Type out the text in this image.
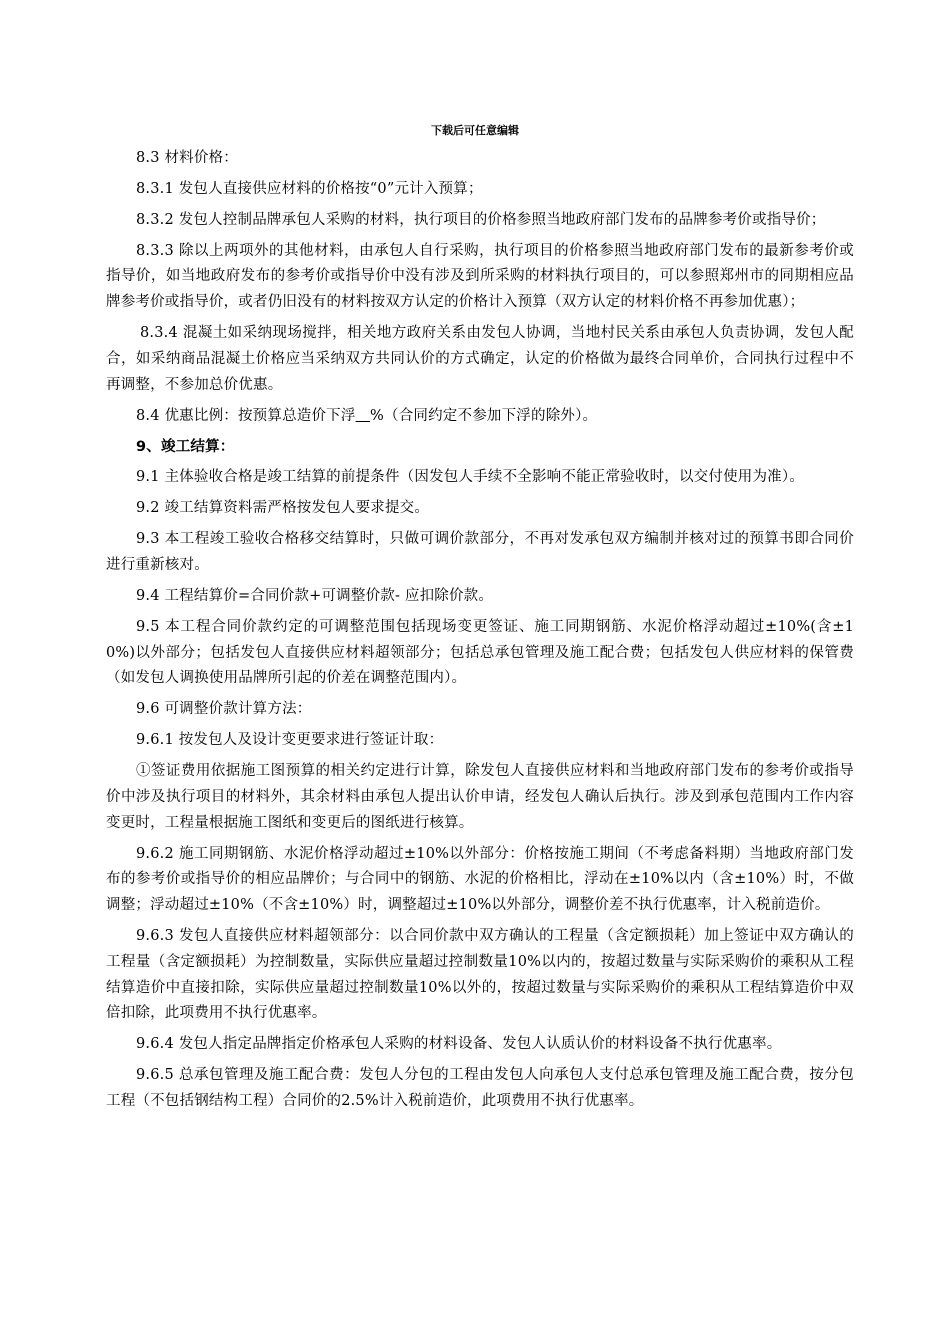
下载后可任意编辑

8.3 材料价格：

8.3.1 发包人直接供应材料的价格按“0”元计入预算；

8.3.2 发包人控制品牌承包人采购的材料，执行项目的价格参照当地政府部门发布的品牌参考价或指导价；

8.3.3 除以上两项外的其他材料，由承包人自行采购，执行项目的价格参照当地政府部门发布的最新参考价或指导价，如当地政府发布的参考价或指导价中没有涉及到所采购的材料执行项目的，可以参照郑州市的同期相应品牌参考价或指导价，或者仍旧没有的材料按双方认定的价格计入预算（双方认定的材料价格不再参加优惠）；

8.3.4 混凝土如采纳现场搅拌，相关地方政府关系由发包人协调，当地村民关系由承包人负责协调，发包人配合，如采纳商品混凝土价格应当采纳双方共同认价的方式确定，认定的价格做为最终合同单价，合同执行过程中不再调整，不参加总价优惠。

8.4 优惠比例：按预算总造价下浮 %（合同约定不参加下浮的除外）。

9、竣工结算：

9.1 主体验收合格是竣工结算的前提条件（因发包人手续不全影响不能正常验收时，以交付使用为准）。

9.2 竣工结算资料需严格按发包人要求提交。

9.3 本工程竣工验收合格移交结算时，只做可调价款部分，不再对发承包双方编制并核对过的预算书即合同价进行重新核对。

9.4 工程结算价=合同价款+可调整价款- 应扣除价款。

9.5 本工程合同价款约定的可调整范围包括现场变更签证、施工同期钢筋、水泥价格浮动超过±10%(含±10%)以外部分；包括发包人直接供应材料超领部分；包括总承包管理及施工配合费；包括发包人供应材料的保管费（如发包人调换使用品牌所引起的价差在调整范围内）。

9.6 可调整价款计算方法：

9.6.1 按发包人及设计变更要求进行签证计取：

①签证费用依据施工图预算的相关约定进行计算，除发包人直接供应材料和当地政府部门发布的参考价或指导价中涉及执行项目的材料外，其余材料由承包人提出认价申请，经发包人确认后执行。涉及到承包范围内工作内容变更时，工程量根据施工图纸和变更后的图纸进行核算。

9.6.2 施工同期钢筋、水泥价格浮动超过±10%以外部分：价格按施工期间（不考虑备料期）当地政府部门发布的参考价或指导价的相应品牌价；与合同中的钢筋、水泥的价格相比，浮动在±10%以内（含±10%）时，不做调整；浮动超过±10%（不含±10%）时，调整超过±10%以外部分，调整价差不执行优惠率，计入税前造价。

9.6.3 发包人直接供应材料超领部分：以合同价款中双方确认的工程量（含定额损耗）加上签证中双方确认的工程量（含定额损耗）为控制数量，实际供应量超过控制数量10%以内的，按超过数量与实际采购价的乘积从工程结算造价中直接扣除，实际供应量超过控制数量10%以外的，按超过数量与实际采购价的乘积从工程结算造价中双倍扣除，此项费用不执行优惠率。

9.6.4 发包人指定品牌指定价格承包人采购的材料设备、发包人认质认价的材料设备不执行优惠率。

9.6.5 总承包管理及施工配合费：发包人分包的工程由发包人向承包人支付总承包管理及施工配合费，按分包工程（不包括钢结构工程）合同价的2.5%计入税前造价，此项费用不执行优惠率。
